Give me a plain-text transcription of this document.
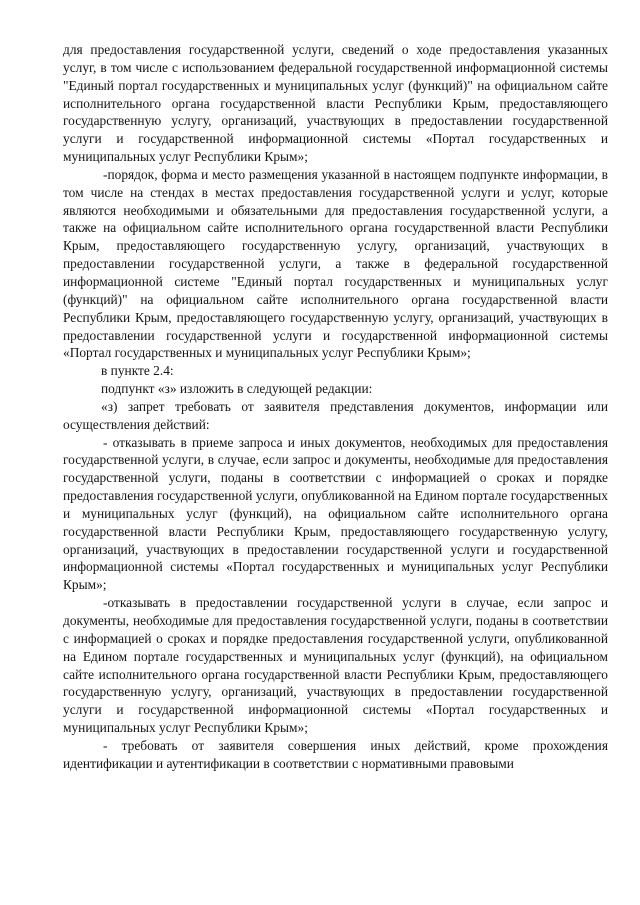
для предоставления государственной услуги, сведений о ходе предоставления указанных услуг, в том числе с использованием федеральной государственной информационной системы "Единый портал государственных и муниципальных услуг (функций)" на официальном сайте исполнительного органа государственной власти Республики Крым, предоставляющего государственную услугу, организаций, участвующих в предоставлении государственной услуги и государственной информационной системы «Портал государственных и муниципальных услуг Республики Крым»;

-порядок, форма и место размещения указанной в настоящем подпункте информации, в том числе на стендах в местах предоставления государственной услуги и услуг, которые являются необходимыми и обязательными для предоставления государственной услуги, а также на официальном сайте исполнительного органа государственной власти Республики Крым, предоставляющего государственную услугу, организаций, участвующих в предоставлении государственной услуги, а также в федеральной государственной информационной системе "Единый портал государственных и муниципальных услуг (функций)" на официальном сайте исполнительного органа государственной власти Республики Крым, предоставляющего государственную услугу, организаций, участвующих в предоставлении государственной услуги и государственной информационной системы «Портал государственных и муниципальных услуг Республики Крым»;

в пункте 2.4:

подпункт «з» изложить в следующей редакции:

«з) запрет требовать от заявителя представления документов, информации или осуществления действий:

- отказывать в приеме запроса и иных документов, необходимых для предоставления государственной услуги, в случае, если запрос и документы, необходимые для предоставления государственной услуги, поданы в соответствии с информацией о сроках и порядке предоставления государственной услуги, опубликованной на Едином портале государственных и муниципальных услуг (функций), на официальном сайте исполнительного органа государственной власти Республики Крым, предоставляющего государственную услугу, организаций, участвующих в предоставлении государственной услуги и государственной информационной системы «Портал государственных и муниципальных услуг Республики Крым»;

-отказывать в предоставлении государственной услуги в случае, если запрос и документы, необходимые для предоставления государственной услуги, поданы в соответствии с информацией о сроках и порядке предоставления государственной услуги, опубликованной на Едином портале государственных и муниципальных услуг (функций), на официальном сайте исполнительного органа государственной власти Республики Крым, предоставляющего государственную услугу, организаций, участвующих в предоставлении государственной услуги и государственной информационной системы «Портал государственных и муниципальных услуг Республики Крым»;

- требовать от заявителя совершения иных действий, кроме прохождения идентификации и аутентификации в соответствии с нормативными правовыми
